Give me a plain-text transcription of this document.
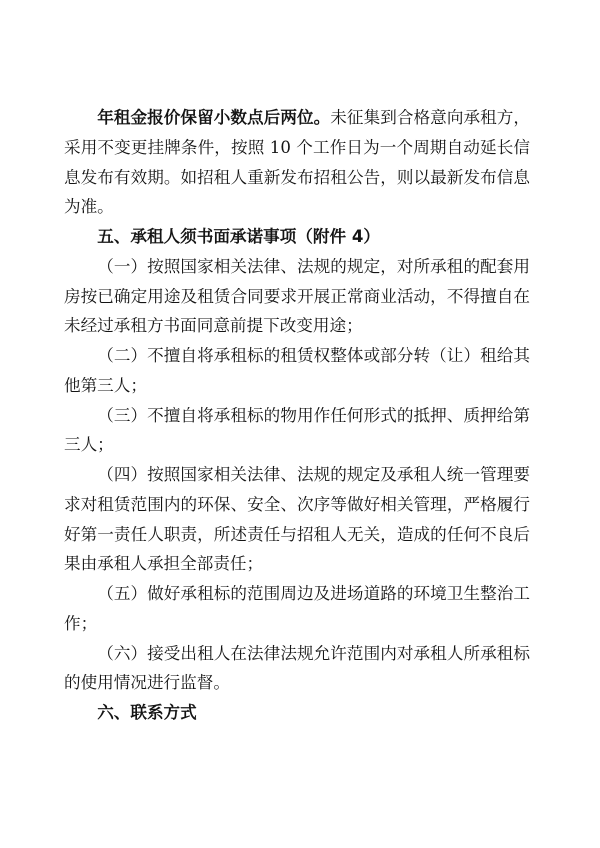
年租金报价保留小数点后两位。未征集到合格意向承租方，采用不变更挂牌条件，按照 10 个工作日为一个周期自动延长信息发布有效期。如招租人重新发布招租公告，则以最新发布信息为准。

五、承租人须书面承诺事项（附件 4）

（一）按照国家相关法律、法规的规定，对所承租的配套用房按已确定用途及租赁合同要求开展正常商业活动，不得擅自在未经过承租方书面同意前提下改变用途；

（二）不擅自将承租标的租赁权整体或部分转（让）租给其他第三人；

（三）不擅自将承租标的物用作任何形式的抵押、质押给第三人；

（四）按照国家相关法律、法规的规定及承租人统一管理要求对租赁范围内的环保、安全、次序等做好相关管理，严格履行好第一责任人职责，所述责任与招租人无关，造成的任何不良后果由承租人承担全部责任；

（五）做好承租标的范围周边及进场道路的环境卫生整治工作；

（六）接受出租人在法律法规允许范围内对承租人所承租标的使用情况进行监督。

六、联系方式
